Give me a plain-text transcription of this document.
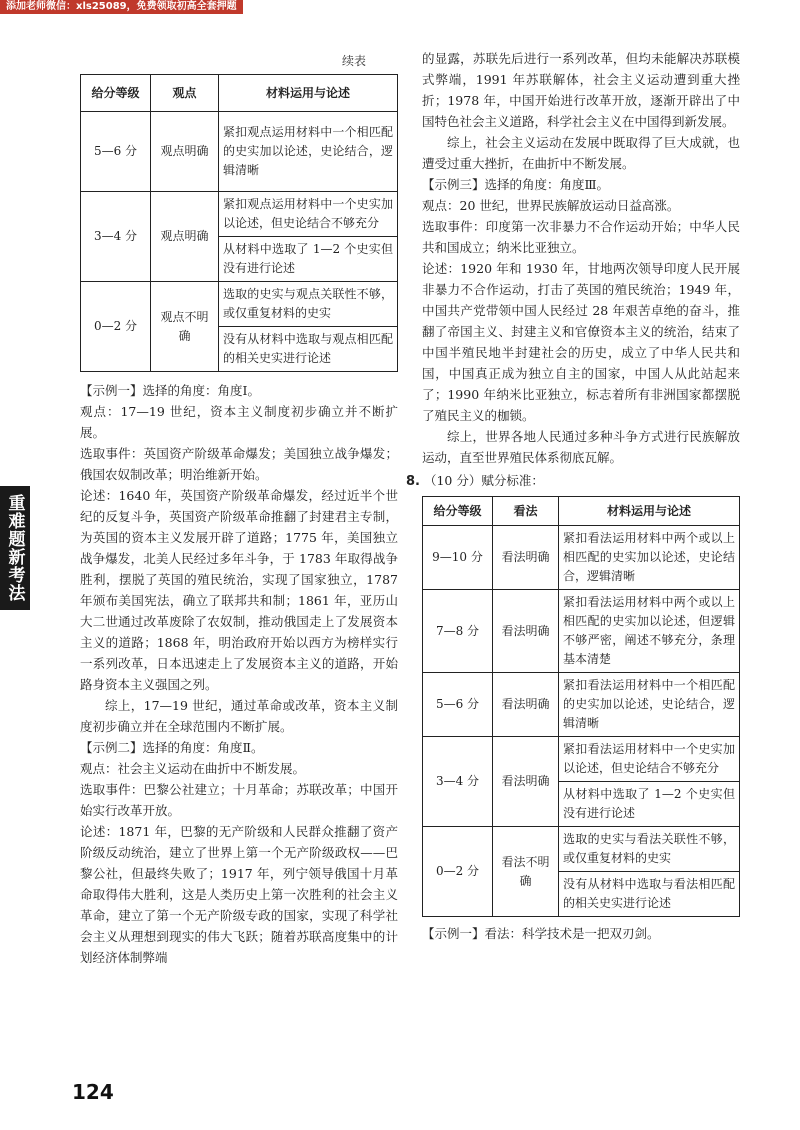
添加老师微信：xls25089，免费领取初高全套押题
续表
重难题新考法
给分等级	观点	材料运用与论述
5—6 分	观点明确	紧扣观点运用材料中一个相匹配的史实加以论述，史论结合，逻辑清晰
3—4 分	观点明确	紧扣观点运用材料中一个史实加以论述，但史论结合不够充分
		从材料中选取了 1—2 个史实但没有进行论述
0—2 分	观点不明确	选取的史实与观点关联性不够，或仅重复材料的史实
		没有从材料中选取与观点相匹配的相关史实进行论述

【示例一】选择的角度：角度Ⅰ。

观点：17—19 世纪，资本主义制度初步确立并不断扩展。

选取事件：英国资产阶级革命爆发；美国独立战争爆发；俄国农奴制改革；明治维新开始。

论述：1640 年，英国资产阶级革命爆发，经过近半个世纪的反复斗争，英国资产阶级革命推翻了封建君主专制，为英国的资本主义发展开辟了道路；1775 年，美国独立战争爆发，北美人民经过多年斗争，于 1783 年取得战争胜利，摆脱了英国的殖民统治，实现了国家独立，1787 年颁布美国宪法，确立了联邦共和制；1861 年，亚历山大二世通过改革废除了农奴制，推动俄国走上了发展资本主义的道路；1868 年，明治政府开始以西方为榜样实行一系列改革，日本迅速走上了发展资本主义的道路，开始路身资本主义强国之列。

综上，17—19 世纪，通过革命或改革，资本主义制度初步确立并在全球范围内不断扩展。

【示例二】选择的角度：角度Ⅱ。

观点：社会主义运动在曲折中不断发展。

选取事件：巴黎公社建立；十月革命；苏联改革；中国开始实行改革开放。

论述：1871 年，巴黎的无产阶级和人民群众推翻了资产阶级反动统治，建立了世界上第一个无产阶级政权——巴黎公社，但最终失败了；1917 年，列宁领导俄国十月革命取得伟大胜利，这是人类历史上第一次胜利的社会主义革命，建立了第一个无产阶级专政的国家，实现了科学社会主义从理想到现实的伟大飞跃；随着苏联高度集中的计划经济体制弊端

的显露，苏联先后进行一系列改革，但均未能解决苏联模式弊端，1991 年苏联解体，社会主义运动遭到重大挫折；1978 年，中国开始进行改革开放，逐渐开辟出了中国特色社会主义道路，科学社会主义在中国得到新发展。

综上，社会主义运动在发展中既取得了巨大成就，也遭受过重大挫折，在曲折中不断发展。

【示例三】选择的角度：角度Ⅲ。

观点：20 世纪，世界民族解放运动日益高涨。

选取事件：印度第一次非暴力不合作运动开始；中华人民共和国成立；纳米比亚独立。

论述：1920 年和 1930 年，甘地两次领导印度人民开展非暴力不合作运动，打击了英国的殖民统治；1949 年，中国共产党带领中国人民经过 28 年艰苦卓绝的奋斗，推翻了帝国主义、封建主义和官僚资本主义的统治，结束了中国半殖民地半封建社会的历史，成立了中华人民共和国，中国真正成为独立自主的国家，中国人从此站起来了；1990 年纳米比亚独立，标志着所有非洲国家都摆脱了殖民主义的枷锁。

综上，世界各地人民通过多种斗争方式进行民族解放运动，直至世界殖民体系彻底瓦解。

8. （10 分）赋分标准：

给分等级	看法	材料运用与论述
9—10 分	看法明确	紧扣看法运用材料中两个或以上相匹配的史实加以论述，史论结合，逻辑清晰
7—8 分	看法明确	紧扣看法运用材料中两个或以上相匹配的史实加以论述，但逻辑不够严密，阐述不够充分，条理基本清楚
5—6 分	看法明确	紧扣看法运用材料中一个相匹配的史实加以论述，史论结合，逻辑清晰
3—4 分	看法明确	紧扣看法运用材料中一个史实加以论述，但史论结合不够充分
		从材料中选取了 1—2 个史实但没有进行论述
0—2 分	看法不明确	选取的史实与看法关联性不够，或仅重复材料的史实
		没有从材料中选取与看法相匹配的相关史实进行论述

【示例一】看法：科学技术是一把双刃剑。

124
